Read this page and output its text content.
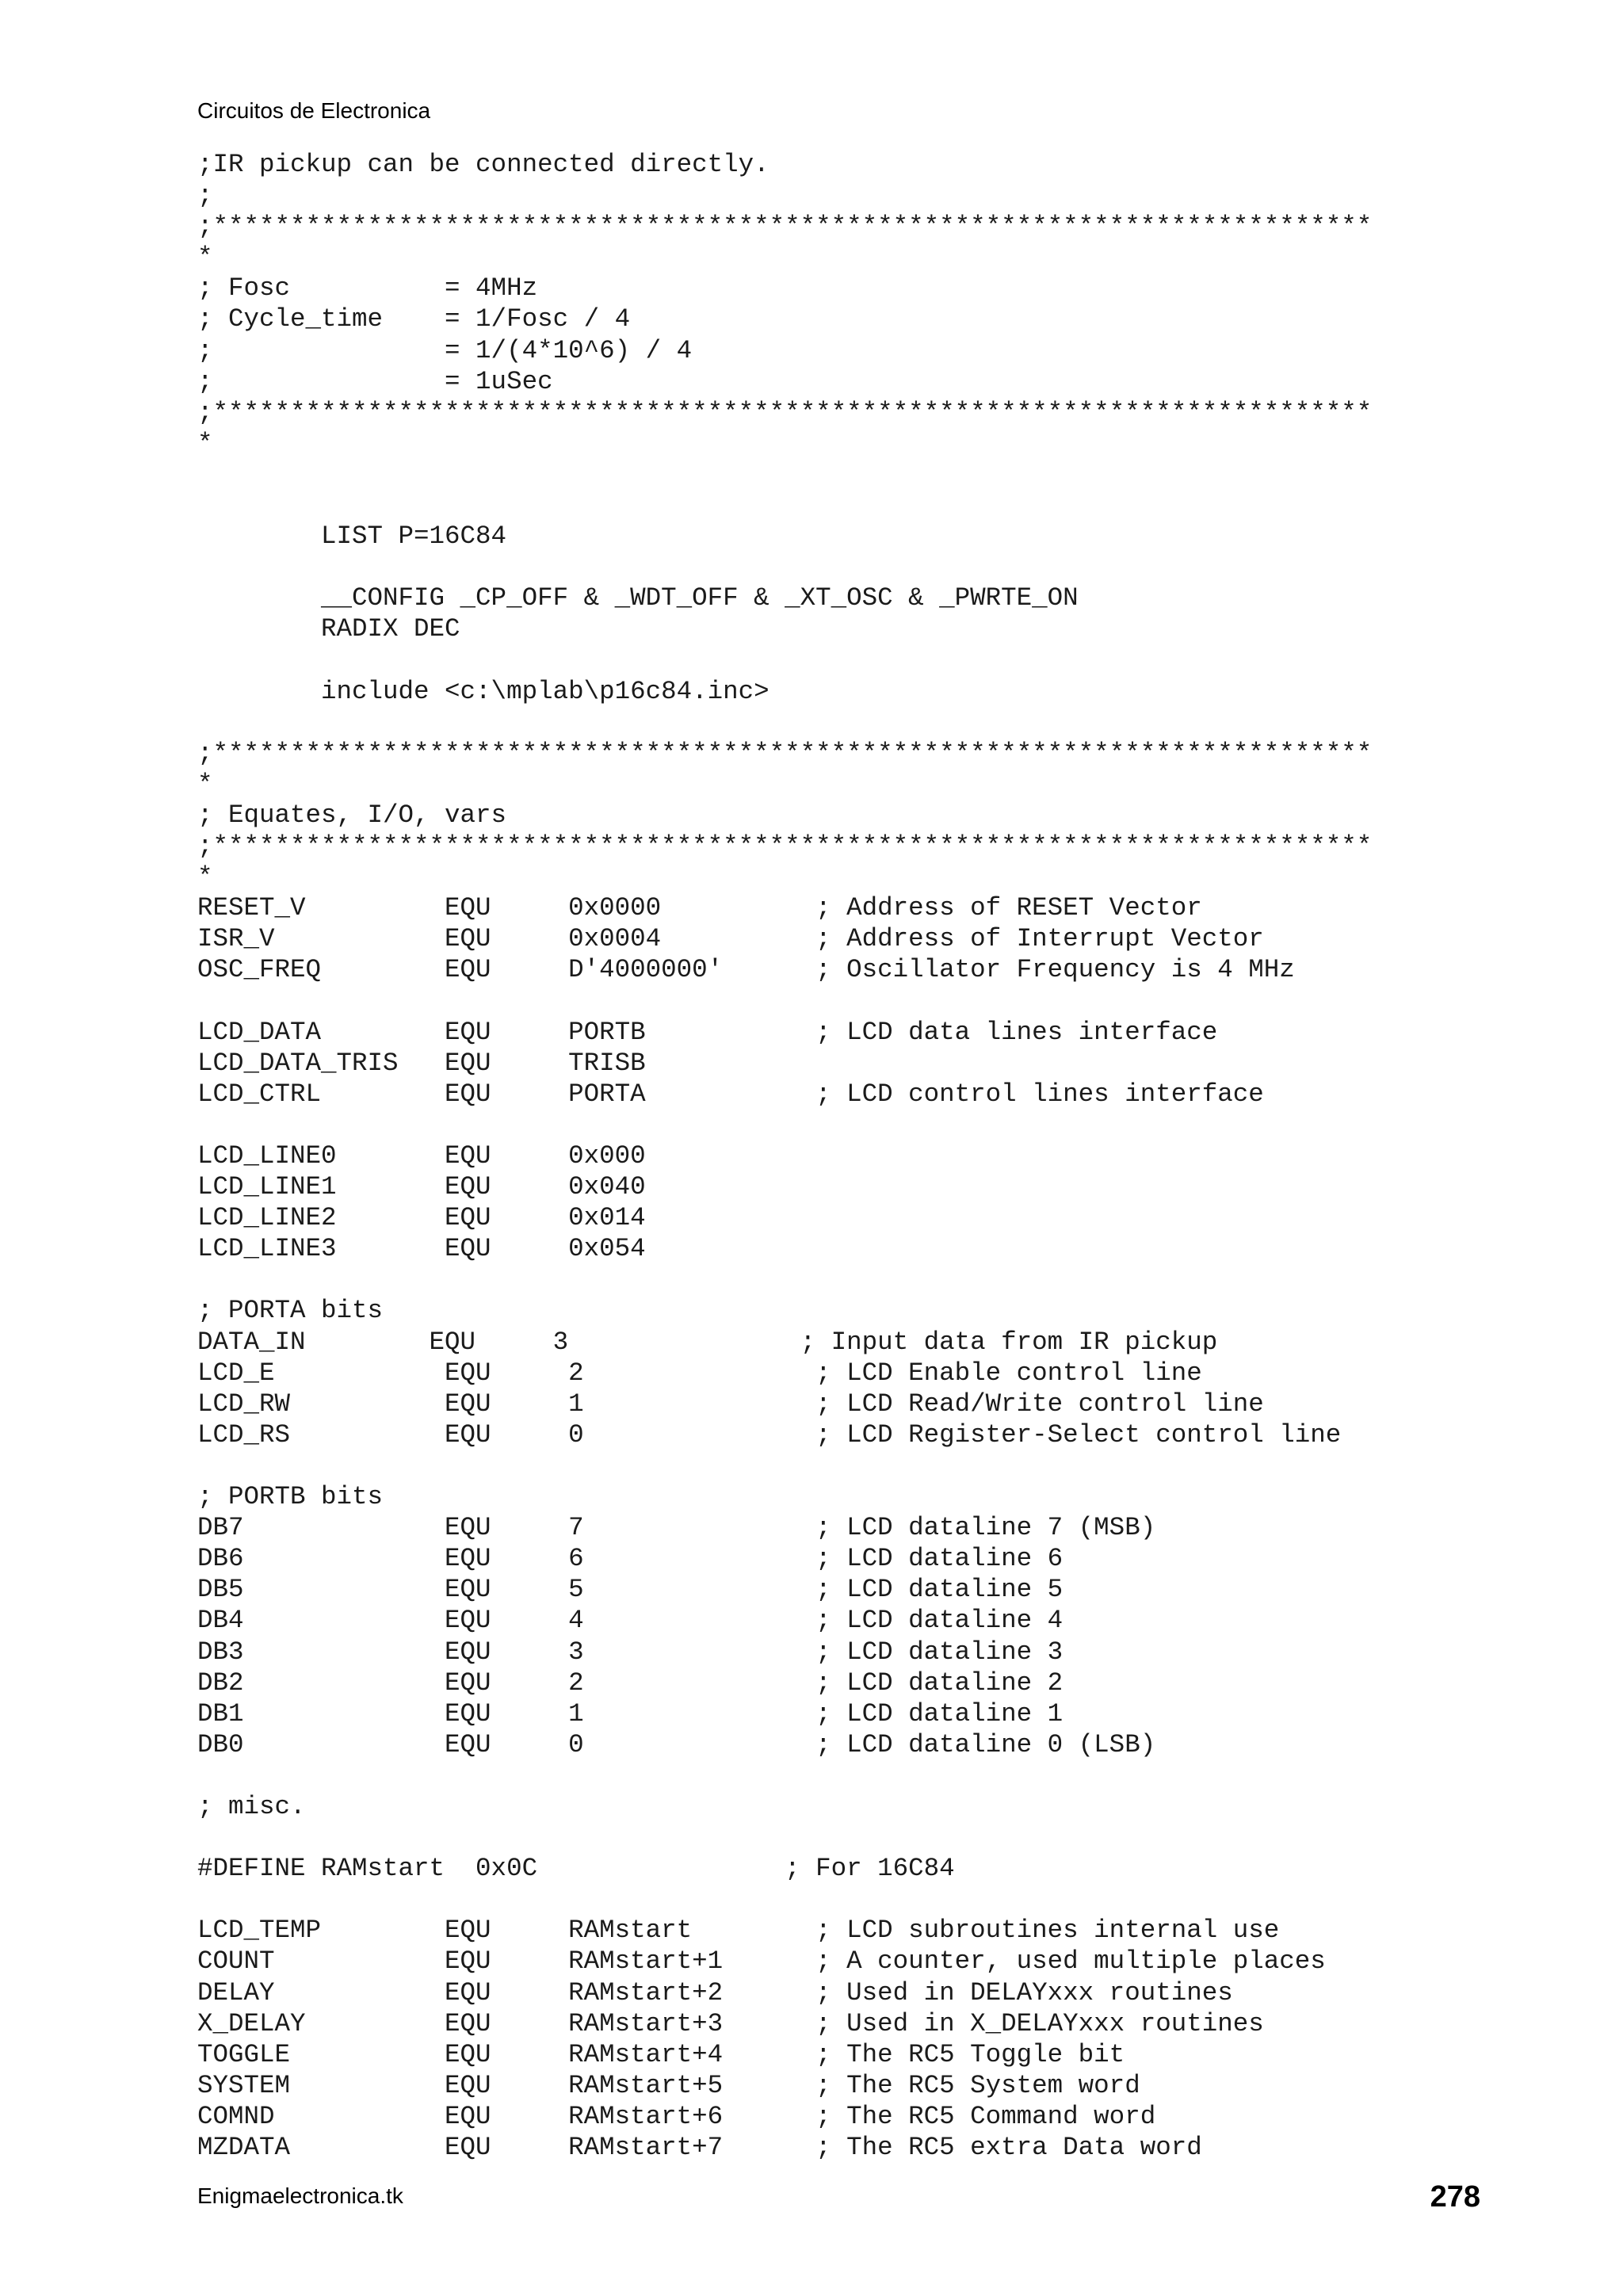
Circuitos de Electronica
;IR pickup can be connected directly.
;
;***************************************************************************
*
; Fosc          = 4MHz
; Cycle_time    = 1/Fosc / 4
;               = 1/(4*10^6) / 4
;               = 1uSec
;***************************************************************************
*
LIST P=16C84
__CONFIG _CP_OFF & _WDT_OFF & _XT_OSC & _PWRTE_ON
RADIX DEC
include <c:\mplab\p16c84.inc>
;***************************************************************************
*
; Equates, I/O, vars
;***************************************************************************
*
RESET_V         EQU     0x0000          ; Address of RESET Vector
ISR_V           EQU     0x0004          ; Address of Interrupt Vector
OSC_FREQ        EQU     D'4000000'      ; Oscillator Frequency is 4 MHz
LCD_DATA        EQU     PORTB           ; LCD data lines interface
LCD_DATA_TRIS   EQU     TRISB
LCD_CTRL        EQU     PORTA           ; LCD control lines interface
LCD_LINE0       EQU     0x000
LCD_LINE1       EQU     0x040
LCD_LINE2       EQU     0x014
LCD_LINE3       EQU     0x054
; PORTA bits
DATA_IN        EQU     3               ; Input data from IR pickup
LCD_E           EQU     2               ; LCD Enable control line
LCD_RW          EQU     1               ; LCD Read/Write control line
LCD_RS          EQU     0               ; LCD Register-Select control line
; PORTB bits
DB7             EQU     7               ; LCD dataline 7 (MSB)
DB6             EQU     6               ; LCD dataline 6
DB5             EQU     5               ; LCD dataline 5
DB4             EQU     4               ; LCD dataline 4
DB3             EQU     3               ; LCD dataline 3
DB2             EQU     2               ; LCD dataline 2
DB1             EQU     1               ; LCD dataline 1
DB0             EQU     0               ; LCD dataline 0 (LSB)
; misc.
#DEFINE RAMstart  0x0C                ; For 16C84
LCD_TEMP        EQU     RAMstart        ; LCD subroutines internal use
COUNT           EQU     RAMstart+1      ; A counter, used multiple places
DELAY           EQU     RAMstart+2      ; Used in DELAYxxx routines
X_DELAY         EQU     RAMstart+3      ; Used in X_DELAYxxx routines
TOGGLE          EQU     RAMstart+4      ; The RC5 Toggle bit
SYSTEM          EQU     RAMstart+5      ; The RC5 System word
COMND           EQU     RAMstart+6      ; The RC5 Command word
MZDATA          EQU     RAMstart+7      ; The RC5 extra Data word
Enigmaelectronica.tk	278
